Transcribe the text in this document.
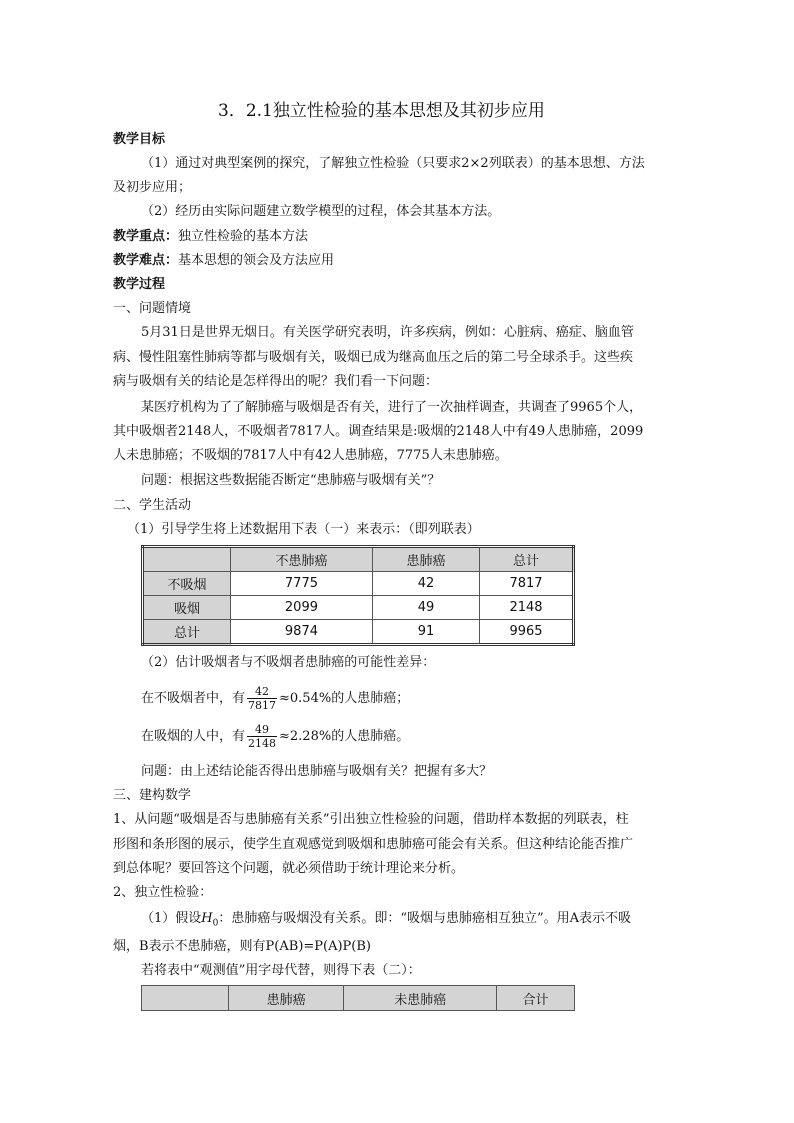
3．2.1独立性检验的基本思想及其初步应用
教学目标
（1）通过对典型案例的探究，了解独立性检验（只要求2×2列联表）的基本思想、方法
及初步应用；
（2）经历由实际问题建立数学模型的过程，体会其基本方法。
教学重点：独立性检验的基本方法
教学难点：基本思想的领会及方法应用
教学过程
一、问题情境
5月31日是世界无烟日。有关医学研究表明，许多疾病，例如：心脏病、癌症、脑血管
病、慢性阻塞性肺病等都与吸烟有关，吸烟已成为继高血压之后的第二号全球杀手。这些疾
病与吸烟有关的结论是怎样得出的呢？我们看一下问题：
某医疗机构为了了解肺癌与吸烟是否有关，进行了一次抽样调查，共调查了9965个人，
其中吸烟者2148人，不吸烟者7817人。调查结果是:吸烟的2148人中有49人患肺癌，2099
人未患肺癌；不吸烟的7817人中有42人患肺癌，7775人未患肺癌。
问题：根据这些数据能否断定“患肺癌与吸烟有关”？
二、学生活动
（1）引导学生将上述数据用下表（一）来表示：（即列联表）
	不患肺癌	患肺癌	总计
不吸烟	7775	42	7817
吸烟	2099	49	2148
总计	9874	91	9965
（2）估计吸烟者与不吸烟者患肺癌的可能性差异：
在不吸烟者中，有 $\frac{42}{7817} \approx 0.54\%$的人患肺癌；
在吸烟的人中，有 $\frac{49}{2148} \approx 2.28\%$的人患肺癌。
问题：由上述结论能否得出患肺癌与吸烟有关？把握有多大？
三、建构数学
1、从问题“吸烟是否与患肺癌有关系”引出独立性检验的问题，借助样本数据的列联表，柱
形图和条形图的展示，使学生直观感觉到吸烟和患肺癌可能会有关系。但这种结论能否推广
到总体呢？要回答这个问题，就必须借助于统计理论来分析。
2、独立性检验：
（1）假设$H_0$：患肺癌与吸烟没有关系。即：“吸烟与患肺癌相互独立”。用A表示不吸
烟，B表示不患肺癌，则有P(AB)=P(A)P(B)
若将表中“观测值”用字母代替，则得下表（二）：
	患肺癌	未患肺癌	合计
